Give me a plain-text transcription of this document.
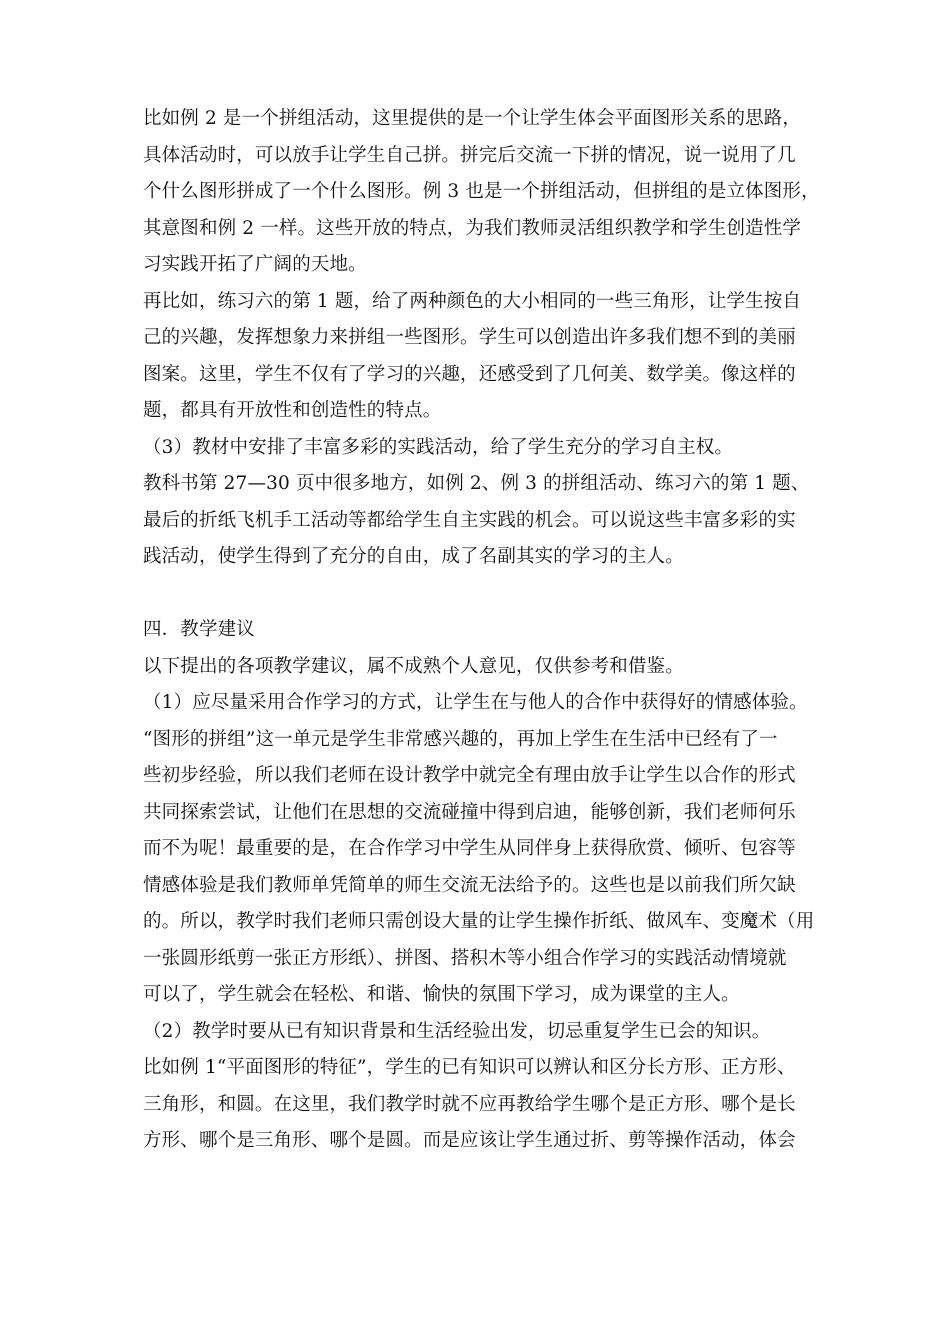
比如例 2 是一个拼组活动，这里提供的是一个让学生体会平面图形关系的思路，
具体活动时，可以放手让学生自己拼。拼完后交流一下拼的情况，说一说用了几
个什么图形拼成了一个什么图形。例 3 也是一个拼组活动，但拼组的是立体图形，
其意图和例 2 一样。这些开放的特点，为我们教师灵活组织教学和学生创造性学
习实践开拓了广阔的天地。
再比如，练习六的第 1 题，给了两种颜色的大小相同的一些三角形，让学生按自
己的兴趣，发挥想象力来拼组一些图形。学生可以创造出许多我们想不到的美丽
图案。这里，学生不仅有了学习的兴趣，还感受到了几何美、数学美。像这样的
题，都具有开放性和创造性的特点。
（3）教材中安排了丰富多彩的实践活动，给了学生充分的学习自主权。
教科书第 27—30 页中很多地方，如例 2、例 3 的拼组活动、练习六的第 1 题、
最后的折纸飞机手工活动等都给学生自主实践的机会。可以说这些丰富多彩的实
践活动，使学生得到了充分的自由，成了名副其实的学习的主人。
四．教学建议
以下提出的各项教学建议，属不成熟个人意见，仅供参考和借鉴。
（1）应尽量采用合作学习的方式，让学生在与他人的合作中获得好的情感体验。
“图形的拼组”这一单元是学生非常感兴趣的，再加上学生在生活中已经有了一
些初步经验，所以我们老师在设计教学中就完全有理由放手让学生以合作的形式
共同探索尝试，让他们在思想的交流碰撞中得到启迪，能够创新，我们老师何乐
而不为呢！最重要的是，在合作学习中学生从同伴身上获得欣赏、倾听、包容等
情感体验是我们教师单凭简单的师生交流无法给予的。这些也是以前我们所欠缺
的。所以，教学时我们老师只需创设大量的让学生操作折纸、做风车、变魔术（用
一张圆形纸剪一张正方形纸）、拼图、搭积木等小组合作学习的实践活动情境就
可以了，学生就会在轻松、和谐、愉快的氛围下学习，成为课堂的主人。
（2）教学时要从已有知识背景和生活经验出发，切忌重复学生已会的知识。
比如例 1“平面图形的特征”，学生的已有知识可以辨认和区分长方形、正方形、
三角形，和圆。在这里，我们教学时就不应再教给学生哪个是正方形、哪个是长
方形、哪个是三角形、哪个是圆。而是应该让学生通过折、剪等操作活动，体会
